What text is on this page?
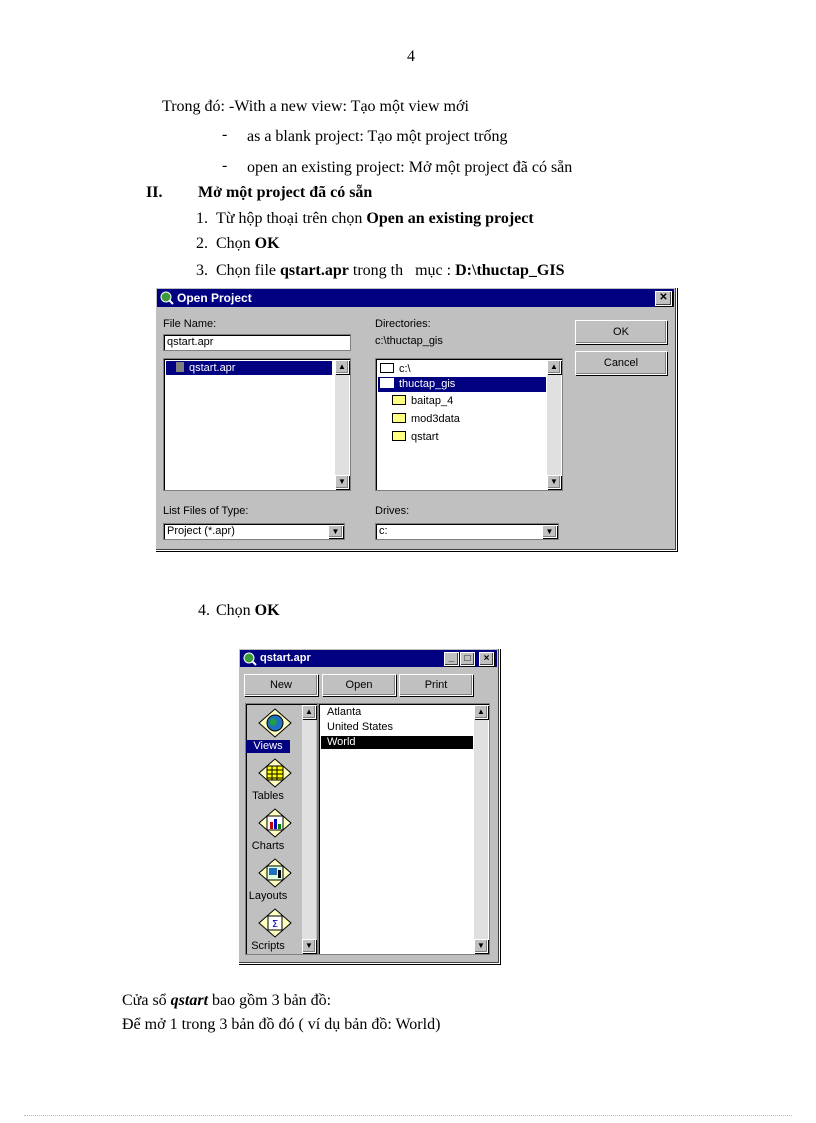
4
Trong đó: -With a new view: Tạo một view mới
- as a blank project: Tạo một project trống
- open an existing project: Mở một project đã có sẵn
II. Mở một project đã có sẵn
1. Từ hộp thoại trên chọn Open an existing project
2. Chọn OK
3. Chọn file qstart.apr trong th   mục : D:\thuctap_GIS
Open Project	✕
File Name:
qstart.apr
qstart.apr	▲
▼
Directories:
c:\thuctap_gis
c:\
thuctap_gis
baitap_4
mod3data
qstart
▲
▼
OK
Cancel
List Files of Type:
Project (*.apr)	▼
Drives:
c:	▼
4. Chọn OK
qstart.apr	_	□	×
New	Open	Print
Views
Tables
Charts
Layouts
Σ
Scripts
▲
▼
Atlanta
United States
World
▲
▼
Cửa sổ qstart bao gồm 3 bản đồ:
Để mở 1 trong 3 bản đồ đó ( ví dụ bản đồ: World)
